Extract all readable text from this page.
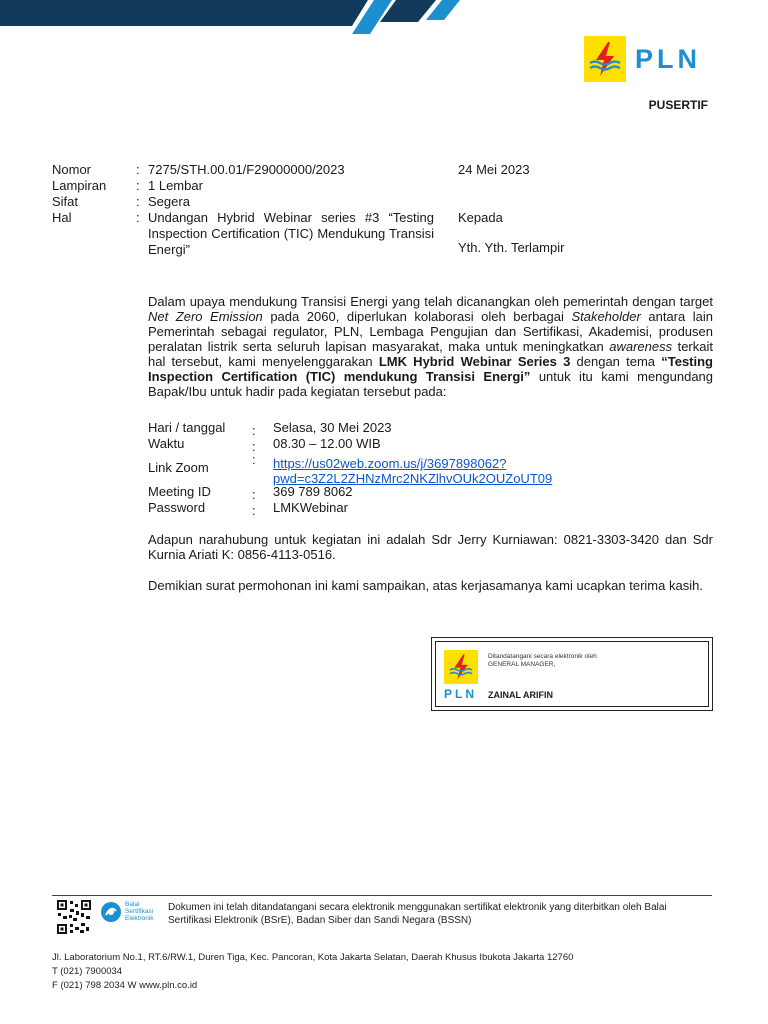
PLN
PUSERTIF
Nomor	: 7275/STH.00.01/F29000000/2023
Lampiran	: 1 Lembar
Sifat	: Segera
Hal	: Undangan Hybrid Webinar series #3 “Testing Inspection Certification (TIC) Mendukung Transisi Energi”
24 Mei 2023
Kepada
Yth. Yth. Terlampir
Dalam upaya mendukung Transisi Energi yang telah dicanangkan oleh pemerintah dengan target Net Zero Emission pada 2060, diperlukan kolaborasi oleh berbagai Stakeholder antara lain Pemerintah sebagai regulator, PLN, Lembaga Pengujian dan Sertifikasi, Akademisi, produsen peralatan listrik serta seluruh lapisan masyarakat, maka untuk meningkatkan awareness terkait hal tersebut, kami menyelenggarakan LMK Hybrid Webinar Series 3 dengan tema “Testing Inspection Certification (TIC) mendukung Transisi Energi” untuk itu kami mengundang Bapak/Ibu untuk hadir pada kegiatan tersebut pada:
Hari / tanggal : Selasa, 30 Mei 2023
Waktu	: 08.30 – 12.00 WIB
Link Zoom
: https://us02web.zoom.us/j/3697898062?
pwd=c3Z2L2ZHNzMrc2NKZlhvOUk2OUZoUT09
Meeting ID	: 369 789 8062
Password	: LMKWebinar
Adapun narahubung untuk kegiatan ini adalah Sdr Jerry Kurniawan: 0821-3303-3420 dan Sdr Kurnia Ariati K: 0856-4113-0516.
Demikian surat permohonan ini kami sampaikan, atas kerjasamanya kami ucapkan terima kasih.
PLN
Ditandatangani secara elektronik oleh
GENERAL MANAGER,
ZAINAL ARIFIN
Balai
Sertifikasi
Elektronik
Dokumen ini telah ditandatangani secara elektronik menggunakan sertifikat elektronik yang diterbitkan oleh Balai Sertifikasi Elektronik (BSrE), Badan Siber dan Sandi Negara (BSSN)
Jl. Laboratorium No.1, RT.6/RW.1, Duren Tiga, Kec. Pancoran, Kota Jakarta Selatan, Daerah Khusus Ibukota Jakarta 12760
T (021) 7900034
F (021) 798 2034 W www.pln.co.id
